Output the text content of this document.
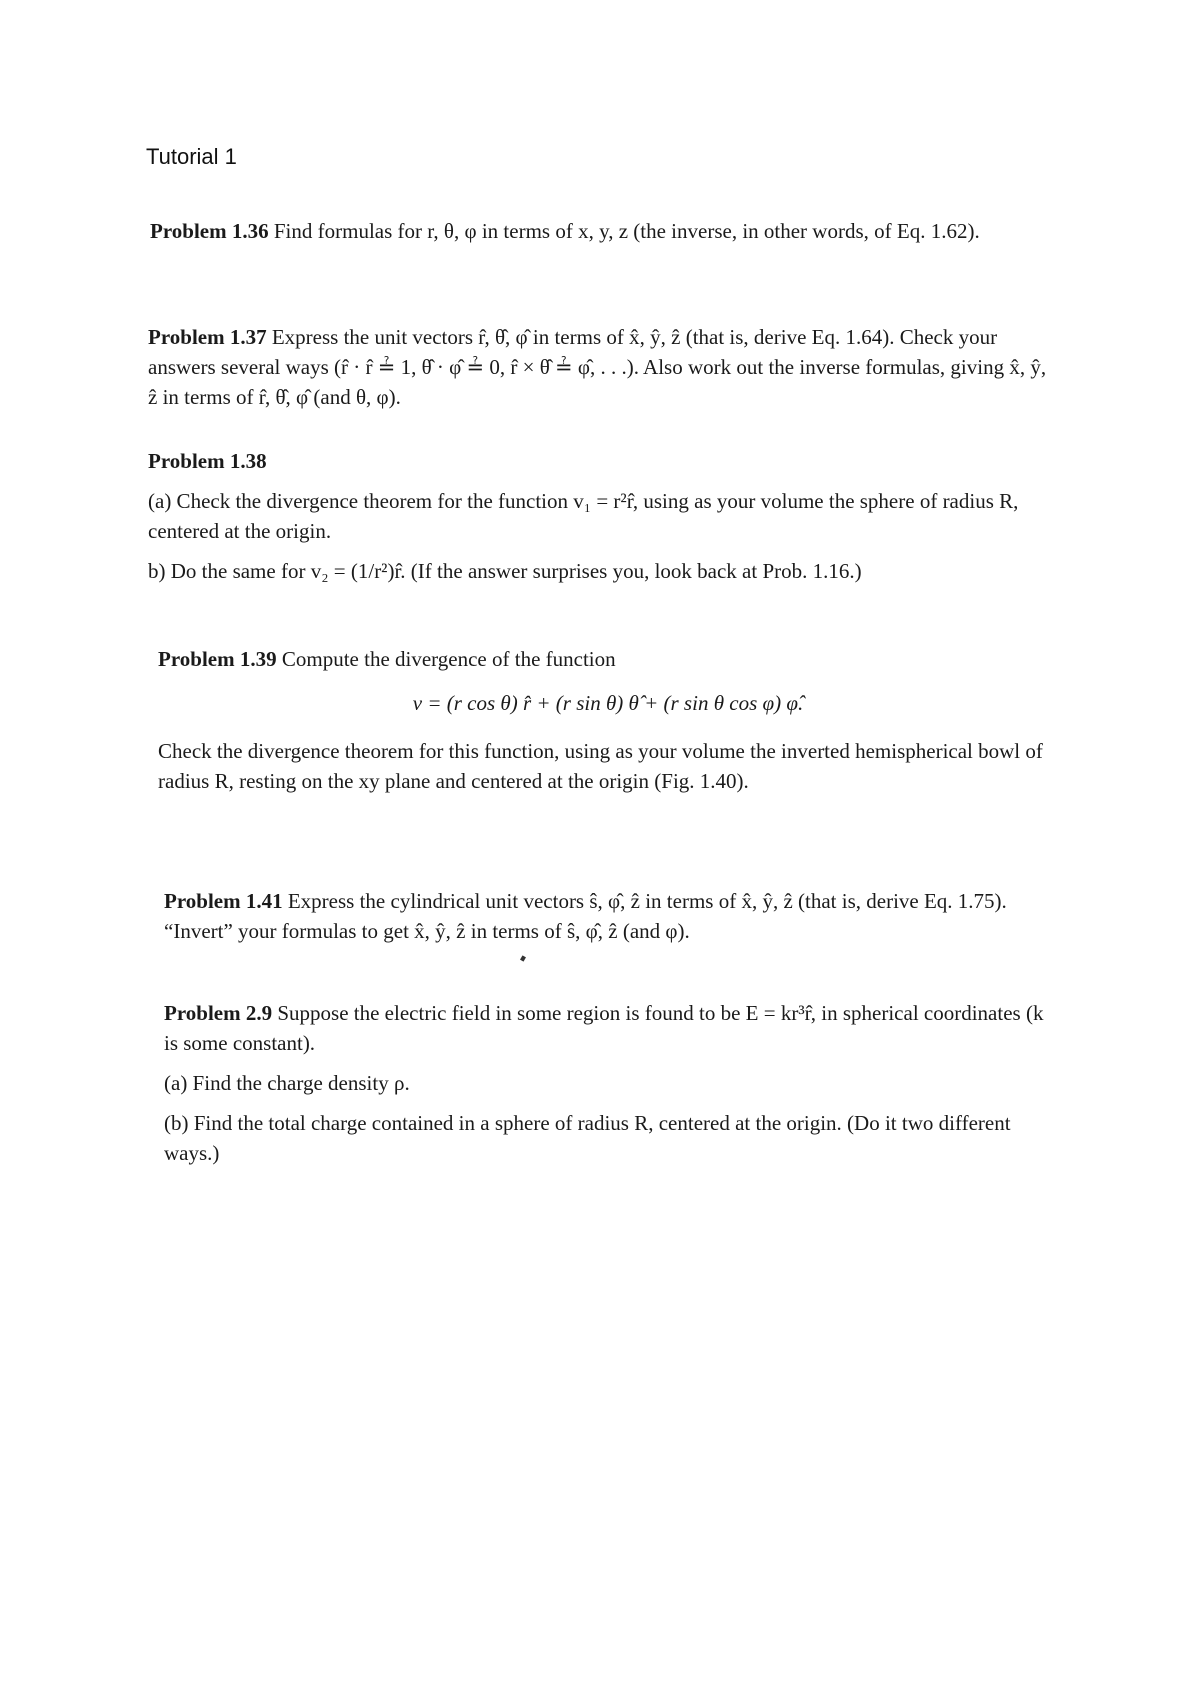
Tutorial 1

Problem 1.36 Find formulas for r, θ, φ in terms of x, y, z (the inverse, in other words, of Eq. 1.62).

Problem 1.37 Express the unit vectors r̂, θ̂, φ̂ in terms of x̂, ŷ, ẑ (that is, derive Eq. 1.64). Check your answers several ways (r̂ · r̂ ≟ 1, θ̂ · φ̂ ≟ 0, r̂ × θ̂ ≟ φ̂, . . .). Also work out the inverse formulas, giving x̂, ŷ, ẑ in terms of r̂, θ̂, φ̂ (and θ, φ).

Problem 1.38

(a) Check the divergence theorem for the function v₁ = r²r̂, using as your volume the sphere of radius R, centered at the origin.

b) Do the same for v₂ = (1/r²)r̂. (If the answer surprises you, look back at Prob. 1.16.)

Problem 1.39 Compute the divergence of the function

v = (r cos θ) r̂ + (r sin θ) θ̂ + (r sin θ cos φ) φ̂.

Check the divergence theorem for this function, using as your volume the inverted hemispherical bowl of radius R, resting on the xy plane and centered at the origin (Fig. 1.40).

Problem 1.41 Express the cylindrical unit vectors ŝ, φ̂, ẑ in terms of x̂, ŷ, ẑ (that is, derive Eq. 1.75). “Invert” your formulas to get x̂, ŷ, ẑ in terms of ŝ, φ̂, ẑ (and φ).

Problem 2.9 Suppose the electric field in some region is found to be E = kr³r̂, in spherical coordinates (k is some constant).

(a) Find the charge density ρ.

(b) Find the total charge contained in a sphere of radius R, centered at the origin. (Do it two different ways.)
